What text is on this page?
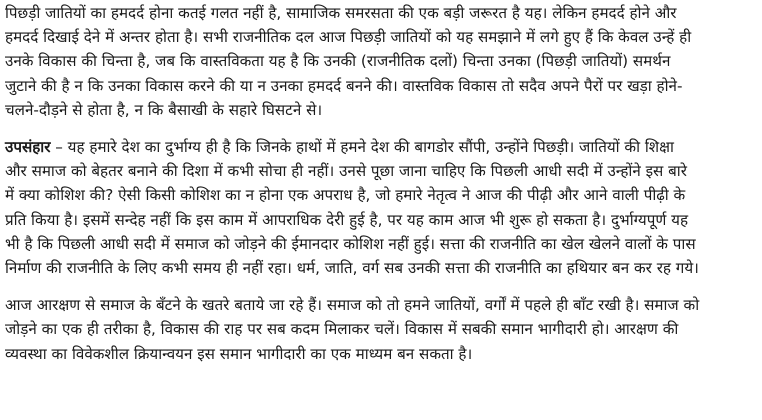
पिछड़ी जातियों का हमदर्द होना कतई गलत नहीं है, सामाजिक समरसता की एक बड़ी जरूरत है यह। लेकिन हमदर्द होने और
हमदर्द दिखाई देने में अन्तर होता है। सभी राजनीतिक दल आज पिछड़ी जातियों को यह समझाने में लगे हुए हैं कि केवल उन्हें ही
उनके विकास की चिन्ता है, जब कि वास्तविकता यह है कि उनकी (राजनीतिक दलों) चिन्ता उनका (पिछड़ी जातियों) समर्थन
जुटाने की है न कि उनका विकास करने की या न उनका हमदर्द बनने की। वास्तविक विकास तो सदैव अपने पैरों पर खड़ा होने-
चलने-दौड़ने से होता है, न कि बैसाखी के सहारे घिसटने से।

उपसंहार – यह हमारे देश का दुर्भाग्य ही है कि जिनके हाथों में हमने देश की बागडोर सौंपी, उन्होंने पिछड़ी। जातियों की शिक्षा
और समाज को बेहतर बनाने की दिशा में कभी सोचा ही नहीं। उनसे पूछा जाना चाहिए कि पिछली आधी सदी में उन्होंने इस बारे
में क्या कोशिश की? ऐसी किसी कोशिश का न होना एक अपराध है, जो हमारे नेतृत्व ने आज की पीढ़ी और आने वाली पीढ़ी के
प्रति किया है। इसमें सन्देह नहीं कि इस काम में आपराधिक देरी हुई है, पर यह काम आज भी शुरू हो सकता है। दुर्भाग्यपूर्ण यह
भी है कि पिछली आधी सदी में समाज को जोड़ने की ईमानदार कोशिश नहीं हुई। सत्ता की राजनीति का खेल खेलने वालों के पास
निर्माण की राजनीति के लिए कभी समय ही नहीं रहा। धर्म, जाति, वर्ग सब उनकी सत्ता की राजनीति का हथियार बन कर रह गये।

आज आरक्षण से समाज के बँटने के खतरे बताये जा रहे हैं। समाज को तो हमने जातियों, वर्गों में पहले ही बाँट रखी है। समाज को
जोड़ने का एक ही तरीका है, विकास की राह पर सब कदम मिलाकर चलें। विकास में सबकी समान भागीदारी हो। आरक्षण की
व्यवस्था का विवेकशील क्रियान्वयन इस समान भागीदारी का एक माध्यम बन सकता है।
